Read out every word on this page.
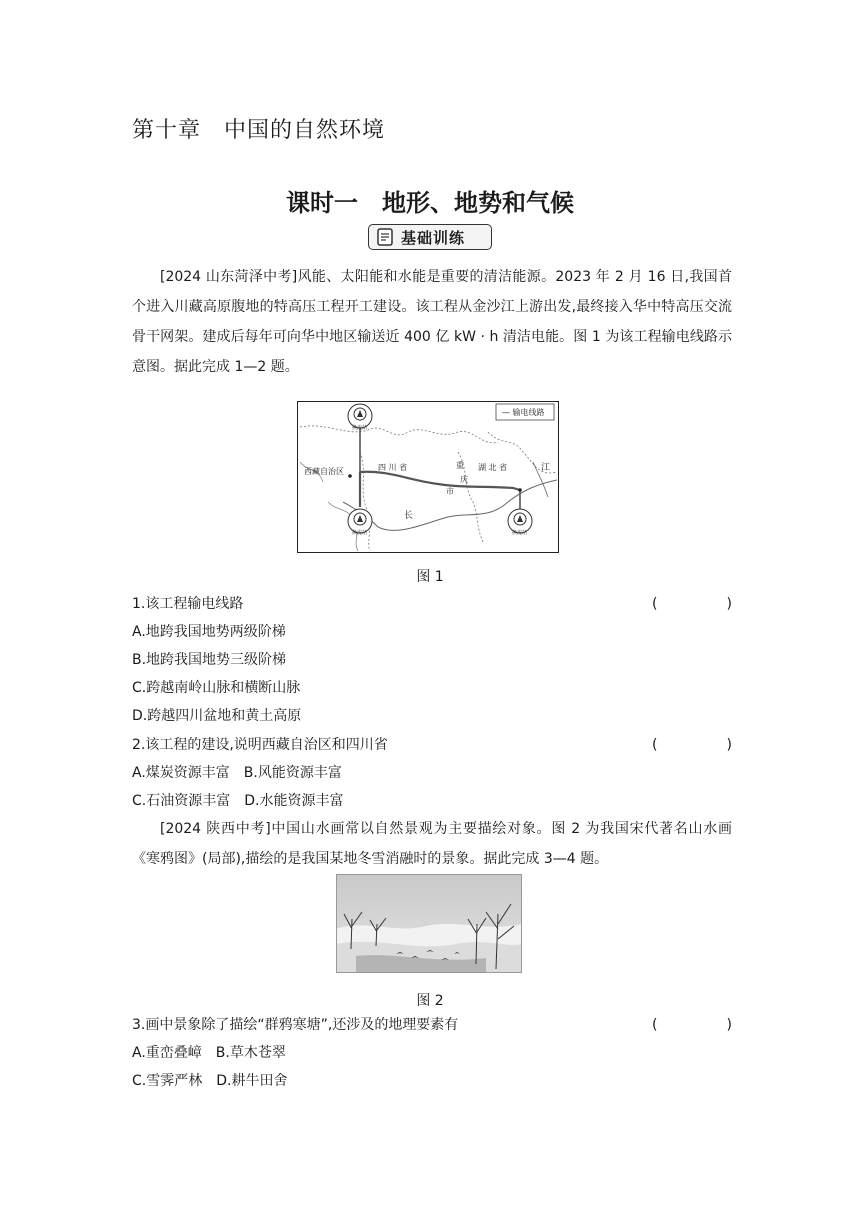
第十章　中国的自然环境
课时一　地形、地势和气候
基础训练

[2024 山东菏泽中考]风能、太阳能和水能是重要的清洁能源。2023 年 2 月 16 日,我国首个进入川藏高原腹地的特高压工程开工建设。该工程从金沙江上游出发,最终接入华中特高压交流骨干网架。建成后每年可向华中地区输送近 400 亿 kW · h 清洁电能。图 1 为该工程输电线路示意图。据此完成 1—2 题。

— 输电线路
西藏自治区	四 川 省	湖 北 省
重
庆
市
江
长
换流站
换流站	换流站
图 1
1.该工程输电线路	(	)
A.地跨我国地势两级阶梯
B.地跨我国地势三级阶梯
C.跨越南岭山脉和横断山脉
D.跨越四川盆地和黄土高原
2.该工程的建设,说明西藏自治区和四川省	(	)
A.煤炭资源丰富　 B.风能资源丰富
C.石油资源丰富　 D.水能资源丰富

[2024 陕西中考]中国山水画常以自然景观为主要描绘对象。图 2 为我国宋代著名山水画《寒鸦图》(局部),描绘的是我国某地冬雪消融时的景象。据此完成 3—4 题。

图 2
3.画中景象除了描绘“群鸦寒塘”,还涉及的地理要素有	(	)
A.重峦叠嶂　 B.草木苍翠
C.雪霁严林　 D.耕牛田舍
